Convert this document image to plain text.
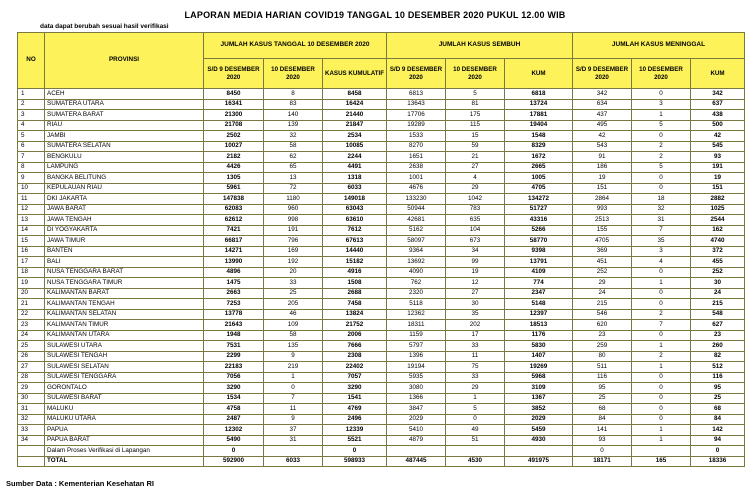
LAPORAN MEDIA HARIAN COVID19 TANGGAL 10 DESEMBER 2020 PUKUL 12.00 WIB
data dapat berubah sesuai hasil verifikasi
NO	PROVINSI	JUMLAH KASUS TANGGAL 10 DESEMBER 2020			JUMLAH KASUS SEMBUH			JUMLAH KASUS MENINGGAL		
		S/D 9 DESEMBER 2020	10 DESEMBER 2020	KASUS KUMULATIF	S/D 9 DESEMBER 2020	10 DESEMBER 2020	KUM	S/D 9 DESEMBER 2020	10 DESEMBER 2020	KUM
1	ACEH	8450	8	8458	6813	5	6818	342	0	342
2	SUMATERA UTARA	16341	83	16424	13643	81	13724	634	3	637
3	SUMATERA BARAT	21300	140	21440	17706	175	17881	437	1	438
4	RIAU	21708	139	21847	19289	115	19404	495	5	500
5	JAMBI	2502	32	2534	1533	15	1548	42	0	42
6	SUMATERA SELATAN	10027	58	10085	8270	59	8329	543	2	545
7	BENGKULU	2182	62	2244	1651	21	1672	91	2	93
8	LAMPUNG	4426	65	4491	2638	27	2665	186	5	191
9	BANGKA BELITUNG	1305	13	1318	1001	4	1005	19	0	19
10	KEPULAUAN RIAU	5961	72	6033	4676	29	4705	151	0	151
11	DKI JAKARTA	147838	1180	149018	133230	1042	134272	2864	18	2882
12	JAWA BARAT	62083	960	63043	50944	783	51727	993	32	1025
13	JAWA TENGAH	62612	998	63610	42681	635	43316	2513	31	2544
14	DI YOGYAKARTA	7421	191	7612	5162	104	5266	155	7	162
15	JAWA TIMUR	66817	796	67613	58097	673	58770	4705	35	4740
16	BANTEN	14271	169	14440	9364	34	9398	369	3	372
17	BALI	13990	192	15182	13692	99	13791	451	4	455
18	NUSA TENGGARA BARAT	4896	20	4916	4090	19	4109	252	0	252
19	NUSA TENGGARA TIMUR	1475	33	1508	762	12	774	29	1	30
20	KALIMANTAN BARAT	2663	25	2688	2320	27	2347	24	0	24
21	KALIMANTAN TENGAH	7253	205	7458	5118	30	5148	215	0	215
22	KALIMANTAN SELATAN	13778	46	13824	12362	35	12397	546	2	548
23	KALIMANTAN TIMUR	21643	109	21752	18311	202	18513	620	7	627
24	KALIMANTAN UTARA	1948	58	2006	1159	17	1176	23	0	23
25	SULAWESI UTARA	7531	135	7666	5797	33	5830	259	1	260
26	SULAWESI TENGAH	2299	9	2308	1396	11	1407	80	2	82
27	SULAWESI SELATAN	22183	219	22402	19194	75	19269	511	1	512
28	SULAWESI TENGGARA	7056	1	7057	5935	33	5968	116	0	116
29	GORONTALO	3290	0	3290	3080	29	3109	95	0	95
30	SULAWESI BARAT	1534	7	1541	1366	1	1367	25	0	25
31	MALUKU	4758	11	4769	3847	5	3852	68	0	68
32	MALUKU UTARA	2487	9	2496	2029	0	2029	84	0	84
33	PAPUA	12302	37	12339	5410	49	5459	141	1	142
34	PAPUA BARAT	5490	31	5521	4879	51	4930	93	1	94
	Dalam Proses Verifikasi di Lapangan	0		0				0		0
	TOTAL	592900	6033	598933	487445	4530	491975	18171	165	18336
Sumber Data : Kementerian Kesehatan RI
